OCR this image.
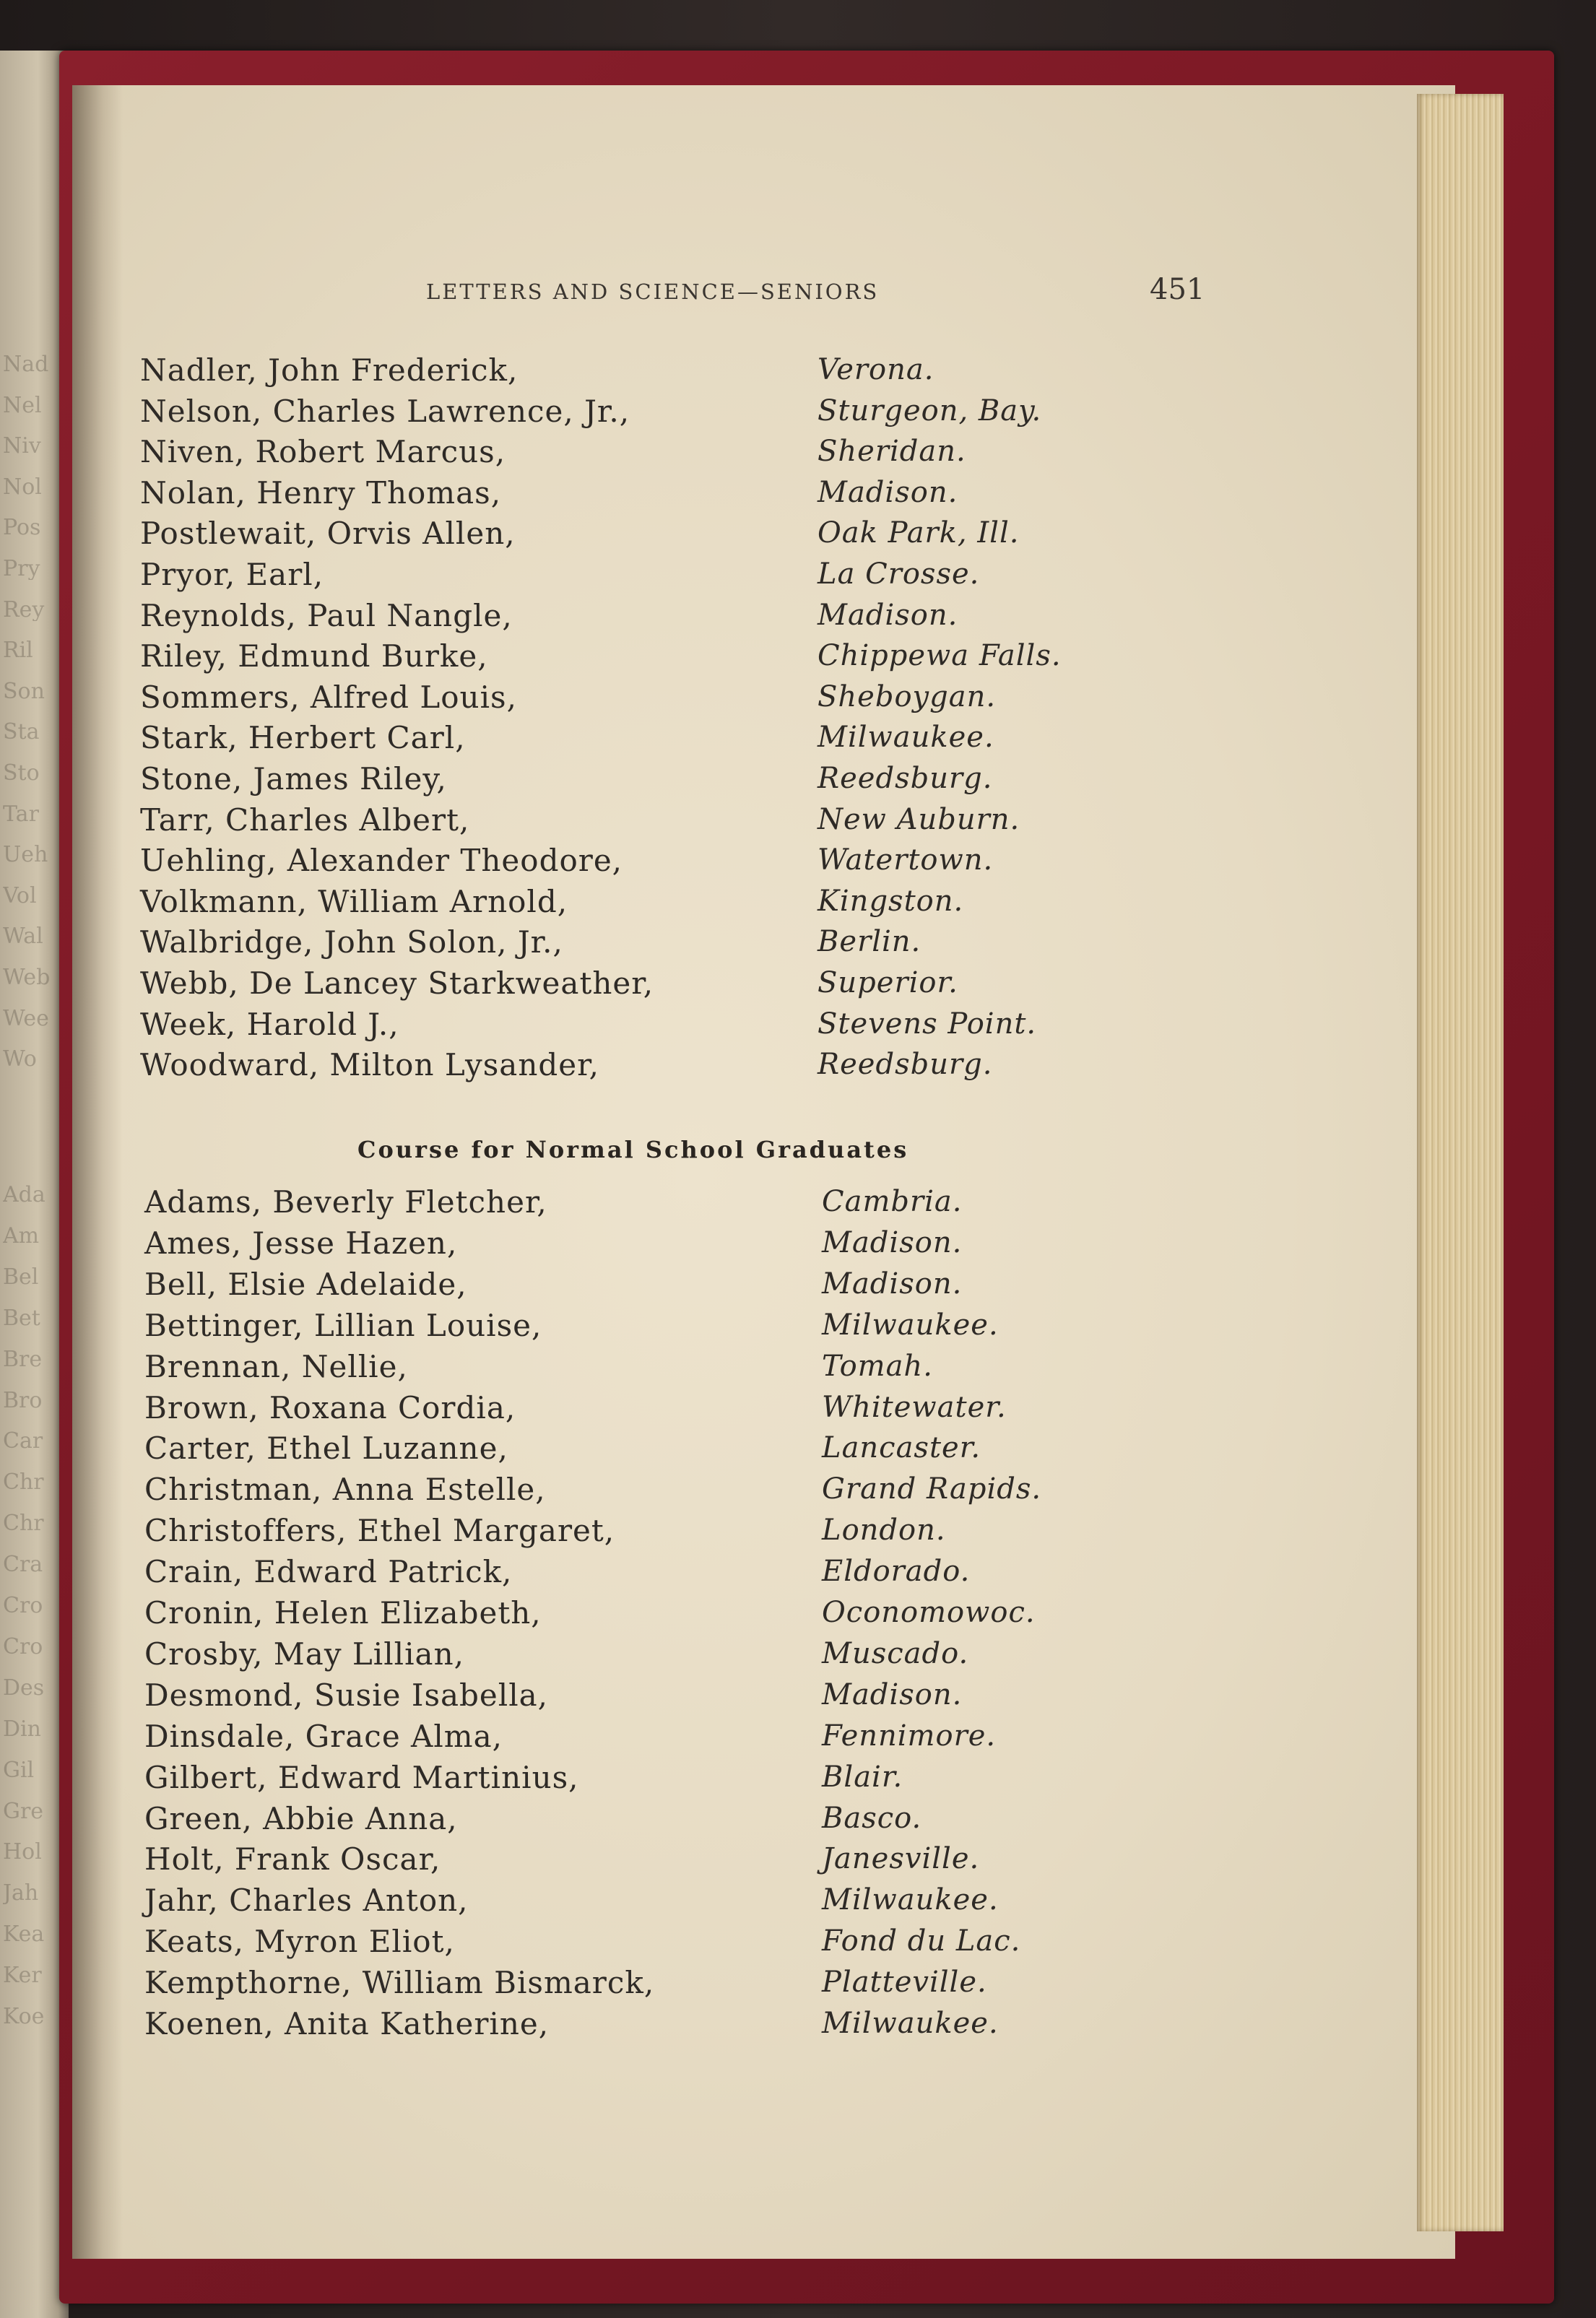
Nad
Nel
Niv
Nol
Pos
Pry
Rey
Ril
Son
Sta
Sto
Tar
Ueh
Vol
Wal
Web
Wee
Wo
Ada
Am
Bel
Bet
Bre
Bro
Car
Chr
Chr
Cra
Cro
Cro
Des
Din
Gil
Gre
Hol
Jah
Kea
Ker
Koe
LETTERS AND SCIENCE—SENIORS	451
Nadler, John Frederick,	Verona.
Nelson, Charles Lawrence, Jr.,	Sturgeon, Bay.
Niven, Robert Marcus,	Sheridan.
Nolan, Henry Thomas,	Madison.
Postlewait, Orvis Allen,	Oak Park, Ill.
Pryor, Earl,	La Crosse.
Reynolds, Paul Nangle,	Madison.
Riley, Edmund Burke,	Chippewa Falls.
Sommers, Alfred Louis,	Sheboygan.
Stark, Herbert Carl,	Milwaukee.
Stone, James Riley,	Reedsburg.
Tarr, Charles Albert,	New Auburn.
Uehling, Alexander Theodore,	Watertown.
Volkmann, William Arnold,	Kingston.
Walbridge, John Solon, Jr.,	Berlin.
Webb, De Lancey Starkweather,	Superior.
Week, Harold J.,	Stevens Point.
Woodward, Milton Lysander,	Reedsburg.
Course for Normal School Graduates
Adams, Beverly Fletcher,	Cambria.
Ames, Jesse Hazen,	Madison.
Bell, Elsie Adelaide,	Madison.
Bettinger, Lillian Louise,	Milwaukee.
Brennan, Nellie,	Tomah.
Brown, Roxana Cordia,	Whitewater.
Carter, Ethel Luzanne,	Lancaster.
Christman, Anna Estelle,	Grand Rapids.
Christoffers, Ethel Margaret,	London.
Crain, Edward Patrick,	Eldorado.
Cronin, Helen Elizabeth,	Oconomowoc.
Crosby, May Lillian,	Muscado.
Desmond, Susie Isabella,	Madison.
Dinsdale, Grace Alma,	Fennimore.
Gilbert, Edward Martinius,	Blair.
Green, Abbie Anna,	Basco.
Holt, Frank Oscar,	Janesville.
Jahr, Charles Anton,	Milwaukee.
Keats, Myron Eliot,	Fond du Lac.
Kempthorne, William Bismarck,	Platteville.
Koenen, Anita Katherine,	Milwaukee.
